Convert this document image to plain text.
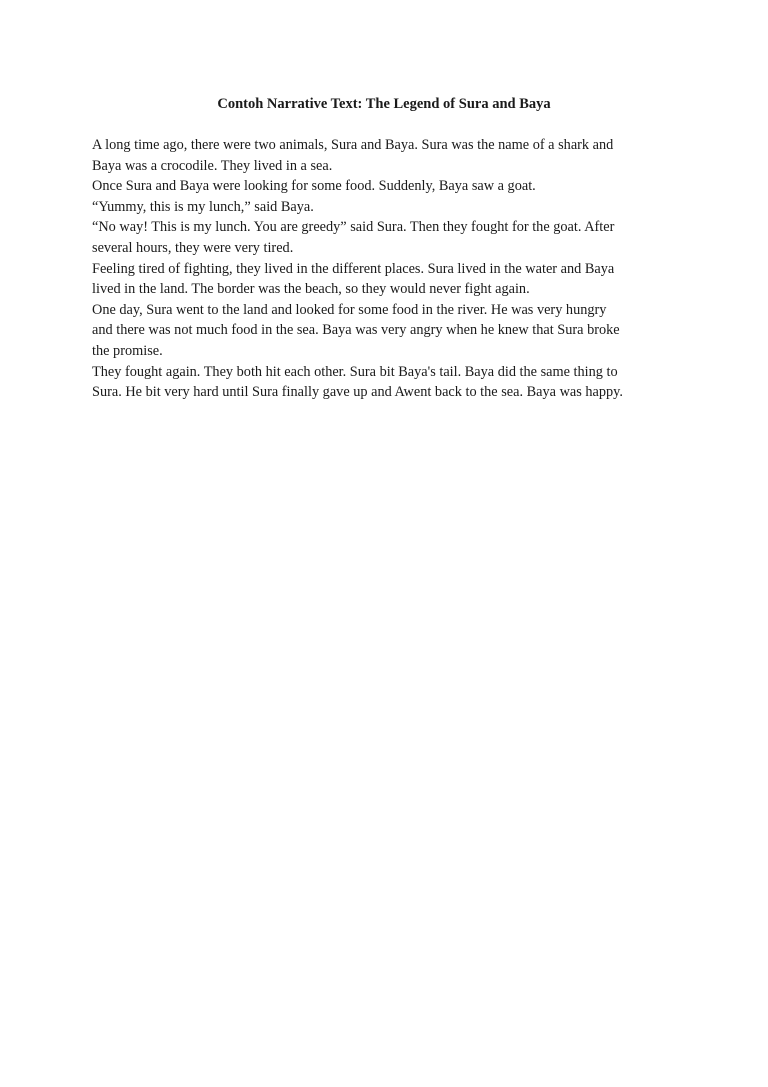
Contoh Narrative Text: The Legend of Sura and Baya
A long time ago, there were two animals, Sura and Baya. Sura was the name of a shark and
Baya was a crocodile. They lived in a sea.
Once Sura and Baya were looking for some food. Suddenly, Baya saw a goat.
“Yummy, this is my lunch,” said Baya.
“No way! This is my lunch. You are greedy” said Sura. Then they fought for the goat. After
several hours, they were very tired.
Feeling tired of fighting, they lived in the different places. Sura lived in the water and Baya
lived in the land. The border was the beach, so they would never fight again.
One day, Sura went to the land and looked for some food in the river. He was very hungry
and there was not much food in the sea. Baya was very angry when he knew that Sura broke
the promise.
They fought again. They both hit each other. Sura bit Baya's tail. Baya did the same thing to
Sura. He bit very hard until Sura finally gave up and Awent back to the sea. Baya was happy.
